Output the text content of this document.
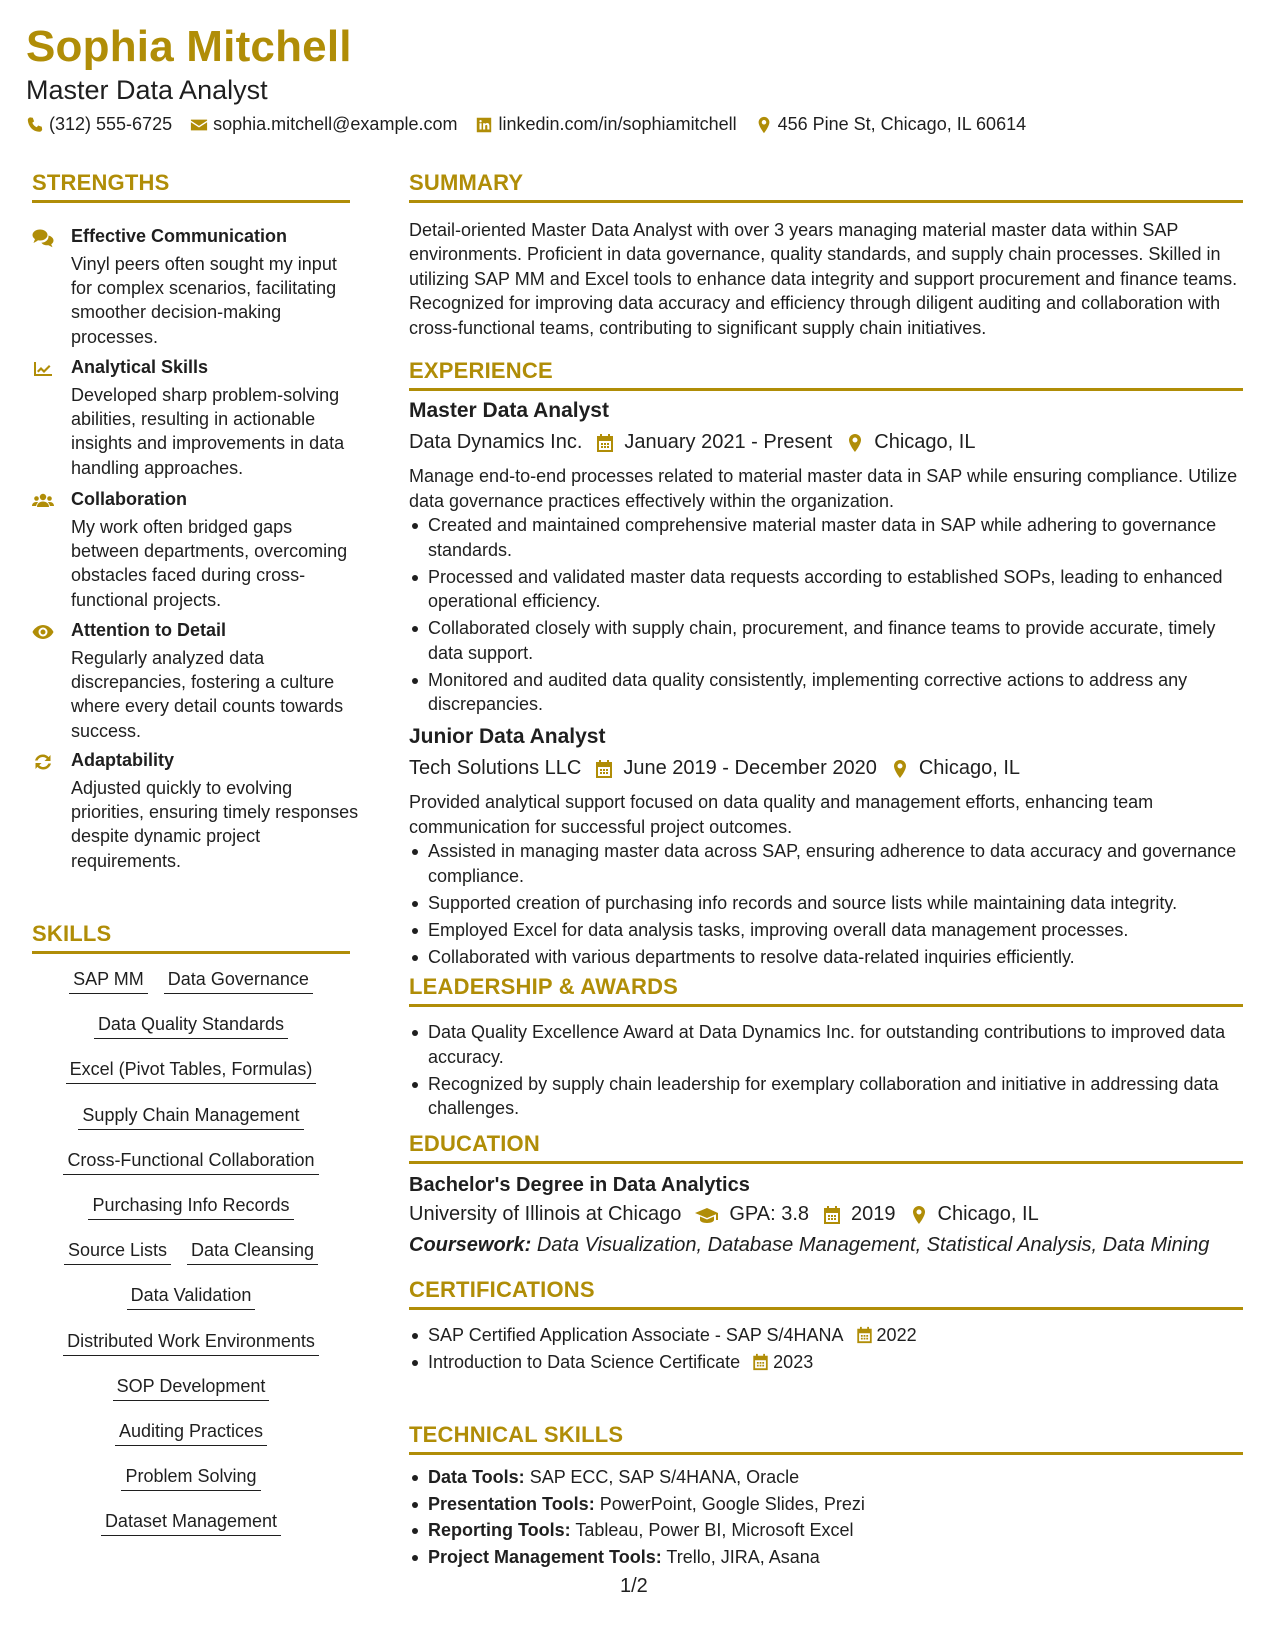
Sophia Mitchell
Master Data Analyst
(312) 555-6725 sophia.mitchell@example.com linkedin.com/in/sophiamitchell 456 Pine St, Chicago, IL 60614
STRENGTHS
Effective Communication
Vinyl peers often sought my input for complex scenarios, facilitating smoother decision-making processes.
Analytical Skills
Developed sharp problem-solving abilities, resulting in actionable insights and improvements in data handling approaches.
Collaboration
My work often bridged gaps between departments, overcoming obstacles faced during cross-functional projects.
Attention to Detail
Regularly analyzed data discrepancies, fostering a culture where every detail counts towards success.
Adaptability
Adjusted quickly to evolving priorities, ensuring timely responses despite dynamic project requirements.
SKILLS
SAP MM Data Governance
Data Quality Standards
Excel (Pivot Tables, Formulas)
Supply Chain Management
Cross-Functional Collaboration
Purchasing Info Records
Source Lists Data Cleansing
Data Validation
Distributed Work Environments
SOP Development
Auditing Practices
Problem Solving
Dataset Management
SUMMARY
Detail-oriented Master Data Analyst with over 3 years managing material master data within SAP environments. Proficient in data governance, quality standards, and supply chain processes. Skilled in utilizing SAP MM and Excel tools to enhance data integrity and support procurement and finance teams. Recognized for improving data accuracy and efficiency through diligent auditing and collaboration with cross-functional teams, contributing to significant supply chain initiatives.
EXPERIENCE
Master Data Analyst
Data Dynamics Inc. January 2021 - Present Chicago, IL
Manage end-to-end processes related to material master data in SAP while ensuring compliance. Utilize data governance practices effectively within the organization.
Created and maintained comprehensive material master data in SAP while adhering to governance standards.
Processed and validated master data requests according to established SOPs, leading to enhanced operational efficiency.
Collaborated closely with supply chain, procurement, and finance teams to provide accurate, timely data support.
Monitored and audited data quality consistently, implementing corrective actions to address any discrepancies.
Junior Data Analyst
Tech Solutions LLC June 2019 - December 2020 Chicago, IL
Provided analytical support focused on data quality and management efforts, enhancing team communication for successful project outcomes.
Assisted in managing master data across SAP, ensuring adherence to data accuracy and governance compliance.
Supported creation of purchasing info records and source lists while maintaining data integrity.
Employed Excel for data analysis tasks, improving overall data management processes.
Collaborated with various departments to resolve data-related inquiries efficiently.
LEADERSHIP & AWARDS
Data Quality Excellence Award at Data Dynamics Inc. for outstanding contributions to improved data accuracy.
Recognized by supply chain leadership for exemplary collaboration and initiative in addressing data challenges.
EDUCATION
Bachelor's Degree in Data Analytics
University of Illinois at Chicago GPA: 3.8 2019 Chicago, IL
Coursework: Data Visualization, Database Management, Statistical Analysis, Data Mining
CERTIFICATIONS
SAP Certified Application Associate - SAP S/4HANA 2022
Introduction to Data Science Certificate 2023
TECHNICAL SKILLS
Data Tools: SAP ECC, SAP S/4HANA, Oracle
Presentation Tools: PowerPoint, Google Slides, Prezi
Reporting Tools: Tableau, Power BI, Microsoft Excel
Project Management Tools: Trello, JIRA, Asana
1/2
